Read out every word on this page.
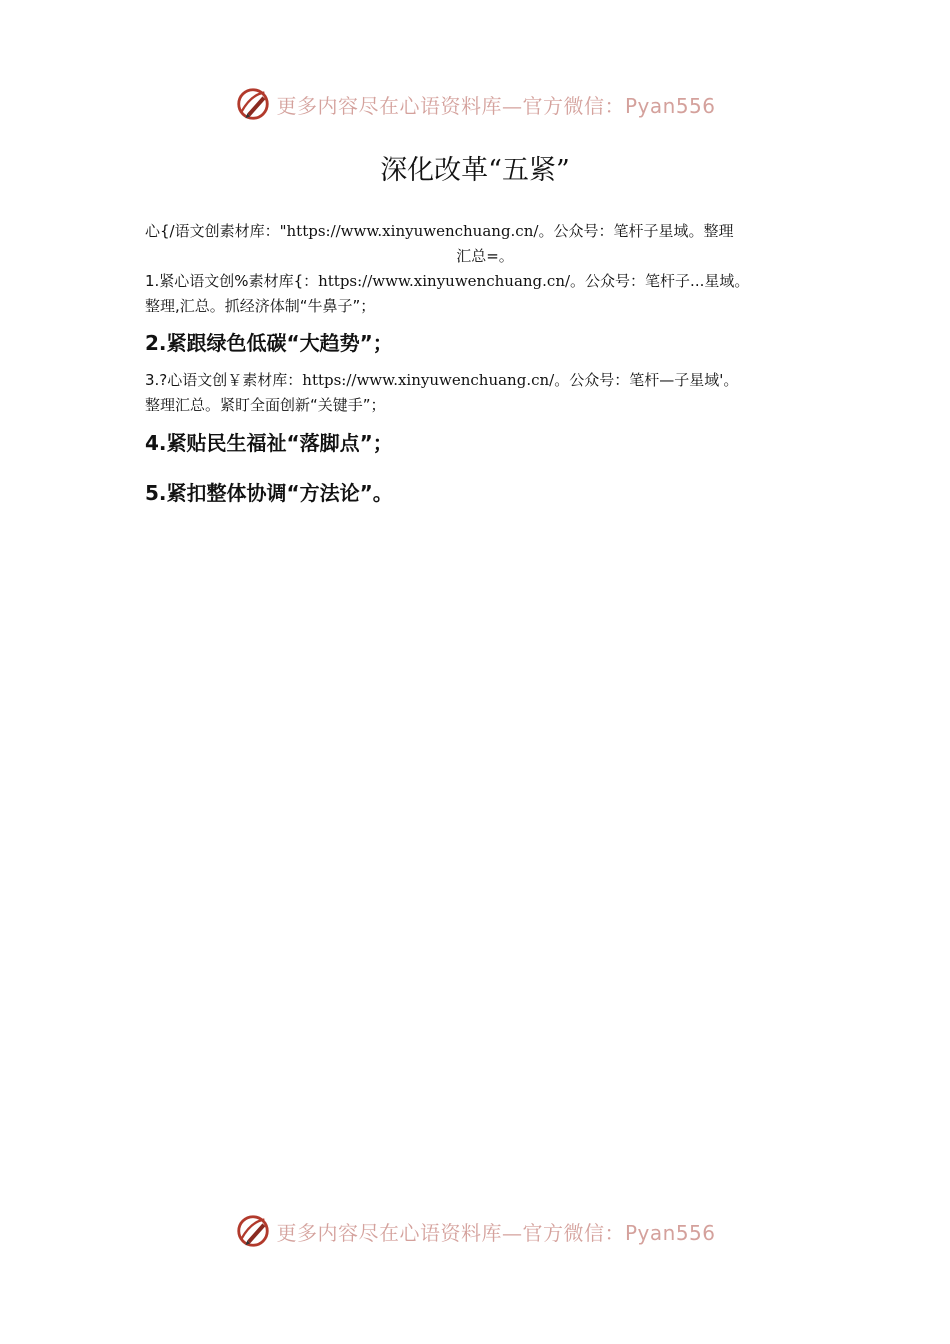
更多内容尽在心语资料库—官方微信：Pyan556
深化改革“五紧”

心{/语文创素材库："https://www.xinyuwenchuang.cn/。公众号：笔杆子星域。整理

汇总=。

1.紧心语文创%素材库{：https://www.xinyuwenchuang.cn/。公众号：笔杆子...星域。

整理,汇总。抓经济体制“牛鼻子”；

2.紧跟绿色低碳“大趋势”；

3.?心语文创￥素材库：https://www.xinyuwenchuang.cn/。公众号：笔杆—子星域'。

整理汇总。紧盯全面创新“关键手”；

4.紧贴民生福祉“落脚点”；

5.紧扣整体协调“方法论”。

更多内容尽在心语资料库—官方微信：Pyan556
